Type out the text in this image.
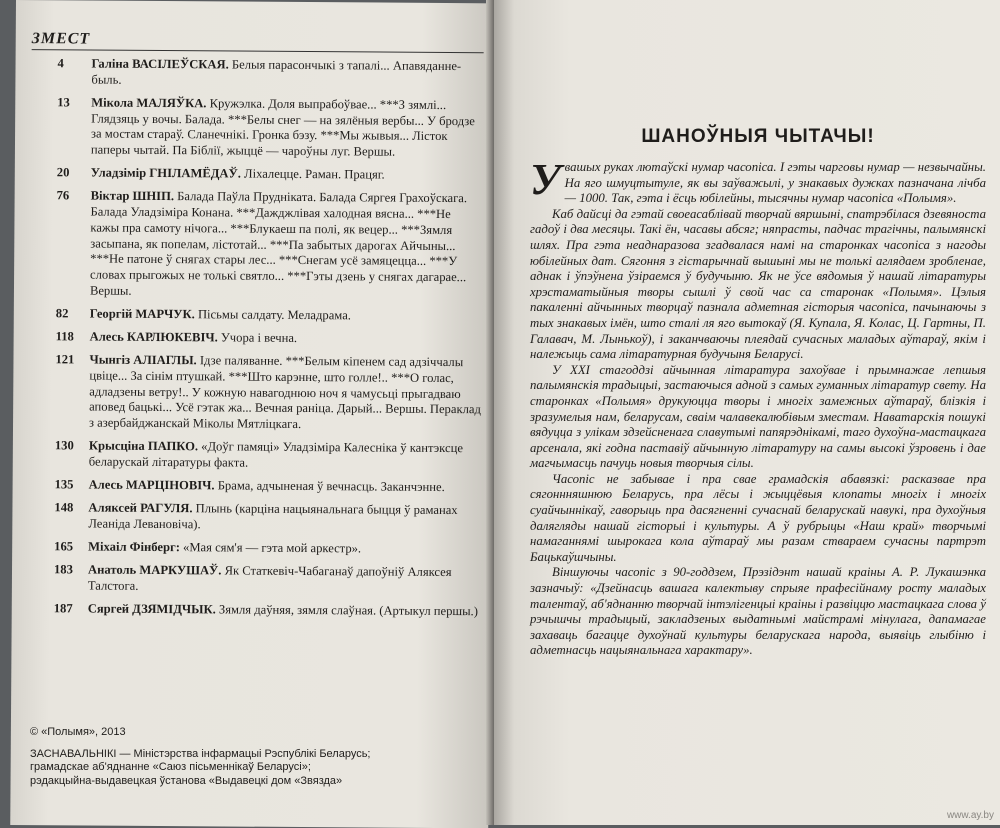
ЗМЕСТ
4	Галіна ВАСІЛЕЎСКАЯ. Белыя парасончыкі з тапалі... Апавяданне-быль.
13	Мікола МАЛЯЎКА. Кружэлка. Доля выпрабоўвае... ***З зямлі... Глядзяць у вочы. Балада. ***Белы снег — на зялёныя вербы... У бродзе за мостам стараў. Сланечнікі. Гронка бэзу. ***Мы жывыя... Лісток паперы чытай. Па Біблії, жыццё — чароўны луг. Вершы.
20	Уладзімір ГНІЛАМЁДАЎ. Ліхалецце. Раман. Працяг.
76	Віктар ШНІП. Балада Паўла Прудніката. Балада Сяргея Грахоўскага. Балада Уладзіміра Конана. ***Дажджлівая халодная вясна... ***Не кажы пра самоту нічога... ***Блукаеш па полі, як вецер... ***Зямля засыпана, як попелам, лістотай... ***Па забытых дарогах Айчыны... ***Не патоне ў снягах стары лес... ***Снегам усё замяцецца... ***У словах прыгожых не толькі святло... ***Гэты дзень у снягах дагарае... Вершы.
82	Георгій МАРЧУК. Пісьмы салдату. Меладрама.
118	Алесь КАРЛЮКЕВІЧ. Учора і вечна.
121	Чынгіз АЛІАГЛЫ. Ідзе паляванне. ***Белым кіпенем сад адзіччалы цвіце... За сінім птушкай. ***Што карэнне, што голле!.. ***О голас, адладзены ветру!.. У кожную навагоднюю ноч я чамусьці прыгадваю аповед бацькі... Усё гэтак жа... Вечная раніца. Дарый... Вершы. Пераклад з азербайджанскай Міколы Мятліцкага.
130	Крысціна ПАПКО. «Доўг памяці» Уладзіміра Калесніка ў кантэксце беларускай літаратуры факта.
135	Алесь МАРЦІНОВІЧ. Брама, адчыненая ў вечнасць. Заканчэнне.
148	Аляксей РАГУЛЯ. Плынь (карціна нацыянальнага быцця ў раманах Леаніда Левановіча).
165	Міхаіл Фінберг: «Мая сям'я — гэта мой аркестр».
183	Анатоль МАРКУШАЎ. Як Статкевіч-Чабаганаў дапоўніў Аляксея Талстога.
187	Сяргей ДЗЯМІДЧЫК. Зямля даўняя, зямля слаўная. (Артыкул першы.)
© «Полымя», 2013
ЗАСНАВАЛЬНІКІ — Міністэрства інфармацыі Рэспублікі Беларусь;
грамадскае аб'яднанне «Саюз пісьменнікаў Беларусі»;
рэдакцыйна-выдавецкая ўстанова «Выдавецкі дом «Звязда»
ШАНОЎНЫЯ ЧЫТАЧЫ!

У вашых руках лютаўскі нумар часопіса. І гэты чарговы нумар — незвычайны. На яго шмуцтытуле, як вы заўважылі, у знакавых дужках пазначана лічба — 1000. Так, гэта і ёсць юбілейны, тысячны нумар часопіса «Полымя».

Каб дайсці да гэтай своеасаблівай творчай вяршыні, спатрэбілася дзевяноста гадоў і два месяцы. Такі ён, часавы абсяг; няпрасты, падчас трагічны, палымянскі шлях. Пра гэта неаднаразова згадвалася намі на старонках часопіса з нагоды юбілейных дат. Сягоння з гістарычнай вышыні мы не толькі аглядаем зробленае, аднак і ўпэўнена ўзіраемся ў будучыню. Як не ўсе вядомыя ў нашай літаратуры хрэстаматыйныя творы сышлі ў свой час са старонак «Полымя». Цэлыя пакаленні айчынных творцаў пазнала адметная гісторыя часопіса, пачынаючы з тых знакавых імён, што сталі ля яго вытокаў (Я. Купала, Я. Колас, Ц. Гартны, П. Галавач, М. Лынькоў), і заканчваючы плеядай сучасных маладых аўтараў, якім і належыць сама літаратурная будучыня Беларусі.

У XXI стагоддзі айчынная літаратура захоўвае і прымнажае лепшыя палымянскія традыцыі, застаючыся адной з самых гуманных літаратур свету. На старонках «Полымя» друкуюцца творы і многіх замежных аўтараў, блізкія і зразумелыя нам, беларусам, сваім чалавекалюбівым зместам. Наватарскія пошукі вядуцца з улікам здзейсненага славутымі папярэднікамі, таго духоўна-мастацкага арсенала, які годна паставіў айчынную літаратуру на самы высокі ўзровень і дае магчымасць пачуць новыя творчыя сілы.

Часопіс не забывае і пра свае грамадскія абавязкі: расказвае пра сягоннняшнюю Беларусь, пра лёсы і жыццёвыя клопаты многіх і многіх суайчыннікаў, гаворыць пра дасягненні сучаснай беларускай навукі, пра духоўныя далягляды нашай гісторыі і культуры. А ў рубрыцы «Наш край» творчымі намаганнямі шырокага кола аўтараў мы разам ствараем сучасны партрэт Бацькаўшчыны.

Віншуючы часопіс з 90-годдзем, Прэзідэнт нашай краіны А. Р. Лукашэнка зазначыў: «Дзейнасць вашага калектыву спрыяе прафесійнаму росту маладых талентаў, аб'яднанню творчай інтэлігенцыі краіны і развіццю мастацкага слова ў рэчышчы традыцый, закладзеных выдатнымі майстрамі мінулага, дапамагае захаваць багацце духоўнай культуры беларускага народа, выявіць глыбіню і адметнасць нацыянальнага характару».

www.ay.by
